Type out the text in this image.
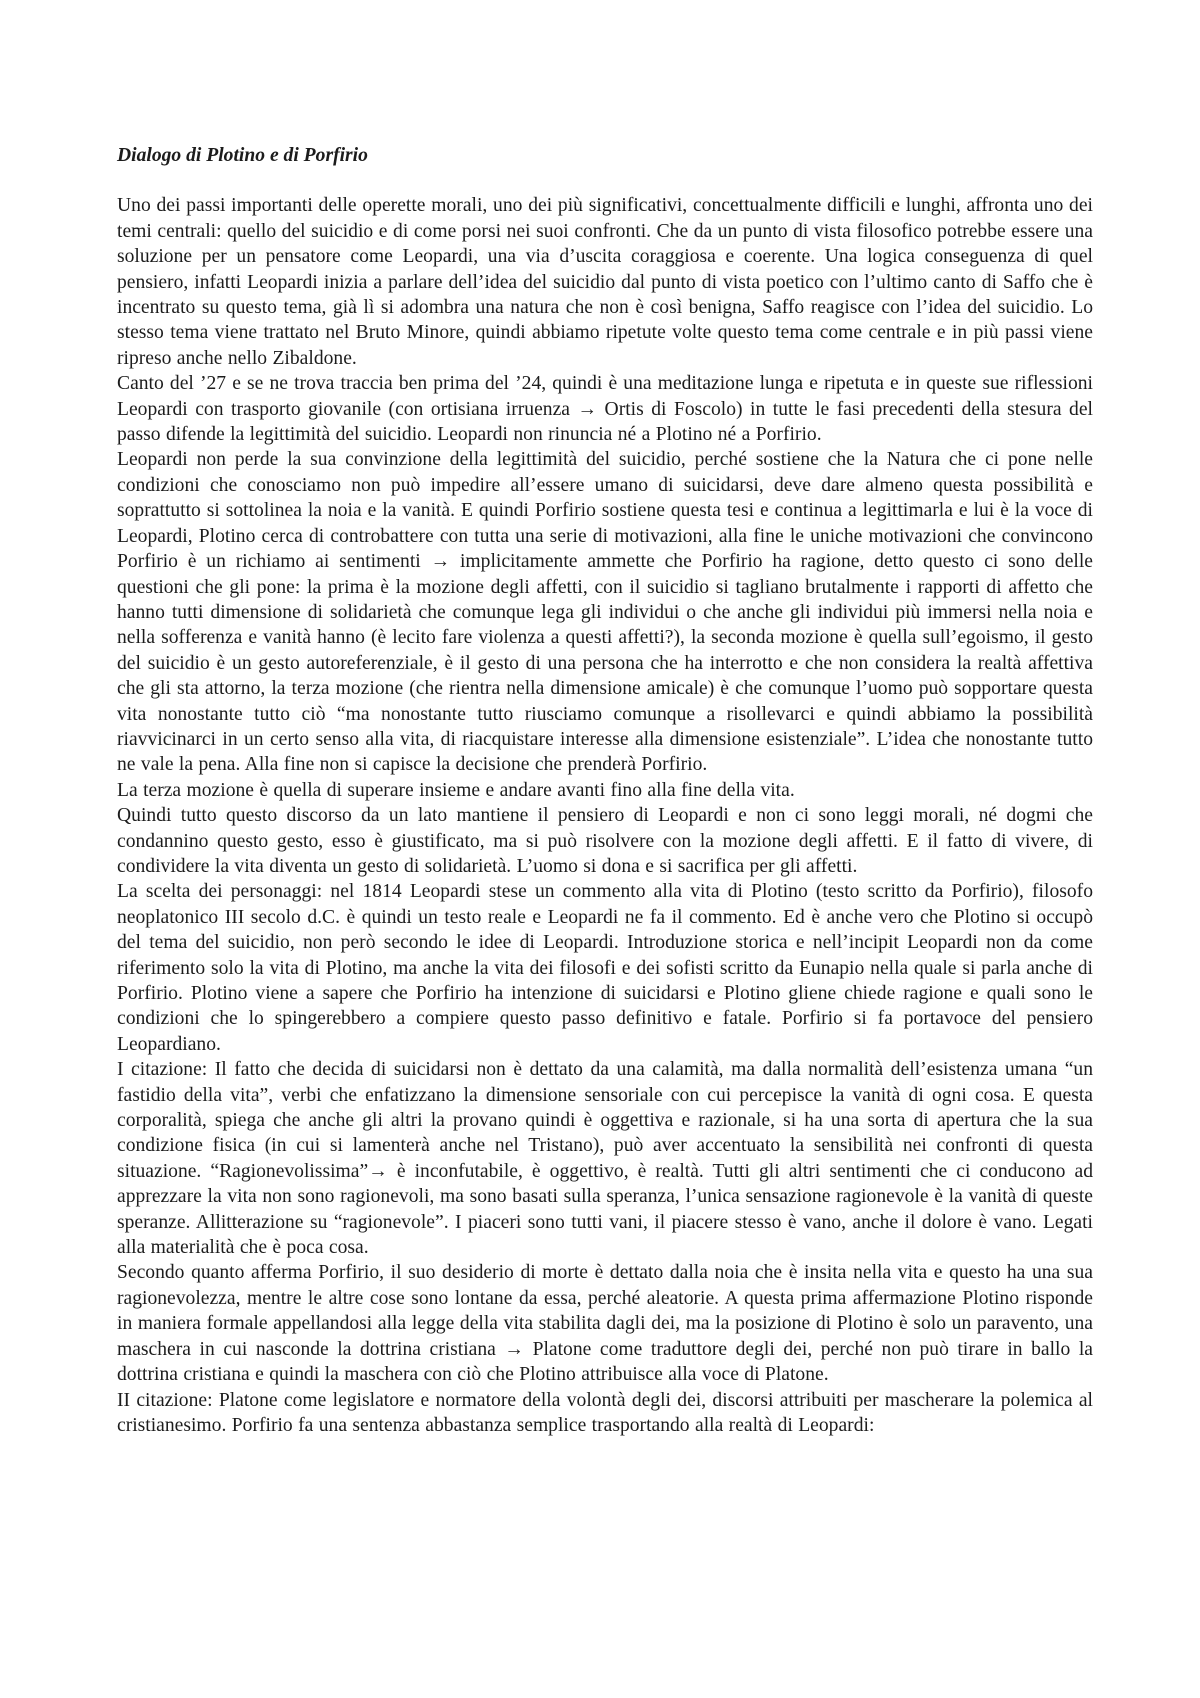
Dialogo di Plotino e di Porfirio

Uno dei passi importanti delle operette morali, uno dei più significativi, concettualmente difficili e lunghi, affronta uno dei temi centrali: quello del suicidio e di come porsi nei suoi confronti. Che da un punto di vista filosofico potrebbe essere una soluzione per un pensatore come Leopardi, una via d’uscita coraggiosa e coerente. Una logica conseguenza di quel pensiero, infatti Leopardi inizia a parlare dell’idea del suicidio dal punto di vista poetico con l’ultimo canto di Saffo che è incentrato su questo tema, già lì si adombra una natura che non è così benigna, Saffo reagisce con l’idea del suicidio. Lo stesso tema viene trattato nel Bruto Minore, quindi abbiamo ripetute volte questo tema come centrale e in più passi viene ripreso anche nello Zibaldone.

Canto del ’27 e se ne trova traccia ben prima del ’24, quindi è una meditazione lunga e ripetuta e in queste sue riflessioni Leopardi con trasporto giovanile (con ortisiana irruenza → Ortis di Foscolo) in tutte le fasi precedenti della stesura del passo difende la legittimità del suicidio. Leopardi non rinuncia né a Plotino né a Porfirio.

Leopardi non perde la sua convinzione della legittimità del suicidio, perché sostiene che la Natura che ci pone nelle condizioni che conosciamo non può impedire all’essere umano di suicidarsi, deve dare almeno questa possibilità e soprattutto si sottolinea la noia e la vanità. E quindi Porfirio sostiene questa tesi e continua a legittimarla e lui è la voce di Leopardi, Plotino cerca di controbattere con tutta una serie di motivazioni, alla fine le uniche motivazioni che convincono Porfirio è un richiamo ai sentimenti → implicitamente ammette che Porfirio ha ragione, detto questo ci sono delle questioni che gli pone: la prima è la mozione degli affetti, con il suicidio si tagliano brutalmente i rapporti di affetto che hanno tutti dimensione di solidarietà che comunque lega gli individui o che anche gli individui più immersi nella noia e nella sofferenza e vanità hanno (è lecito fare violenza a questi affetti?), la seconda mozione è quella sull’egoismo, il gesto del suicidio è un gesto autoreferenziale, è il gesto di una persona che ha interrotto e che non considera la realtà affettiva che gli sta attorno, la terza mozione (che rientra nella dimensione amicale) è che comunque l’uomo può sopportare questa vita nonostante tutto ciò “ma nonostante tutto riusciamo comunque a risollevarci e quindi abbiamo la possibilità riavvicinarci in un certo senso alla vita, di riacquistare interesse alla dimensione esistenziale”. L’idea che nonostante tutto ne vale la pena. Alla fine non si capisce la decisione che prenderà Porfirio.

La terza mozione è quella di superare insieme e andare avanti fino alla fine della vita.

Quindi tutto questo discorso da un lato mantiene il pensiero di Leopardi e non ci sono leggi morali, né dogmi che condannino questo gesto, esso è giustificato, ma si può risolvere con la mozione degli affetti. E il fatto di vivere, di condividere la vita diventa un gesto di solidarietà. L’uomo si dona e si sacrifica per gli affetti.

La scelta dei personaggi: nel 1814 Leopardi stese un commento alla vita di Plotino (testo scritto da Porfirio), filosofo neoplatonico III secolo d.C. è quindi un testo reale e Leopardi ne fa il commento. Ed è anche vero che Plotino si occupò del tema del suicidio, non però secondo le idee di Leopardi. Introduzione storica e nell’incipit Leopardi non da come riferimento solo la vita di Plotino, ma anche la vita dei filosofi e dei sofisti scritto da Eunapio nella quale si parla anche di Porfirio. Plotino viene a sapere che Porfirio ha intenzione di suicidarsi e Plotino gliene chiede ragione e quali sono le condizioni che lo spingerebbero a compiere questo passo definitivo e fatale. Porfirio si fa portavoce del pensiero Leopardiano.

I citazione: Il fatto che decida di suicidarsi non è dettato da una calamità, ma dalla normalità dell’esistenza umana “un fastidio della vita”, verbi che enfatizzano la dimensione sensoriale con cui percepisce la vanità di ogni cosa. E questa corporalità, spiega che anche gli altri la provano quindi è oggettiva e razionale, si ha una sorta di apertura che la sua condizione fisica (in cui si lamenterà anche nel Tristano), può aver accentuato la sensibilità nei confronti di questa situazione. “Ragionevolissima”→ è inconfutabile, è oggettivo, è realtà. Tutti gli altri sentimenti che ci conducono ad apprezzare la vita non sono ragionevoli, ma sono basati sulla speranza, l’unica sensazione ragionevole è la vanità di queste speranze. Allitterazione su “ragionevole”. I piaceri sono tutti vani, il piacere stesso è vano, anche il dolore è vano. Legati alla materialità che è poca cosa.

Secondo quanto afferma Porfirio, il suo desiderio di morte è dettato dalla noia che è insita nella vita e questo ha una sua ragionevolezza, mentre le altre cose sono lontane da essa, perché aleatorie. A questa prima affermazione Plotino risponde in maniera formale appellandosi alla legge della vita stabilita dagli dei, ma la posizione di Plotino è solo un paravento, una maschera in cui nasconde la dottrina cristiana → Platone come traduttore degli dei, perché non può tirare in ballo la dottrina cristiana e quindi la maschera con ciò che Plotino attribuisce alla voce di Platone.

II citazione: Platone come legislatore e normatore della volontà degli dei, discorsi attribuiti per mascherare la polemica al cristianesimo. Porfirio fa una sentenza abbastanza semplice trasportando alla realtà di Leopardi:
